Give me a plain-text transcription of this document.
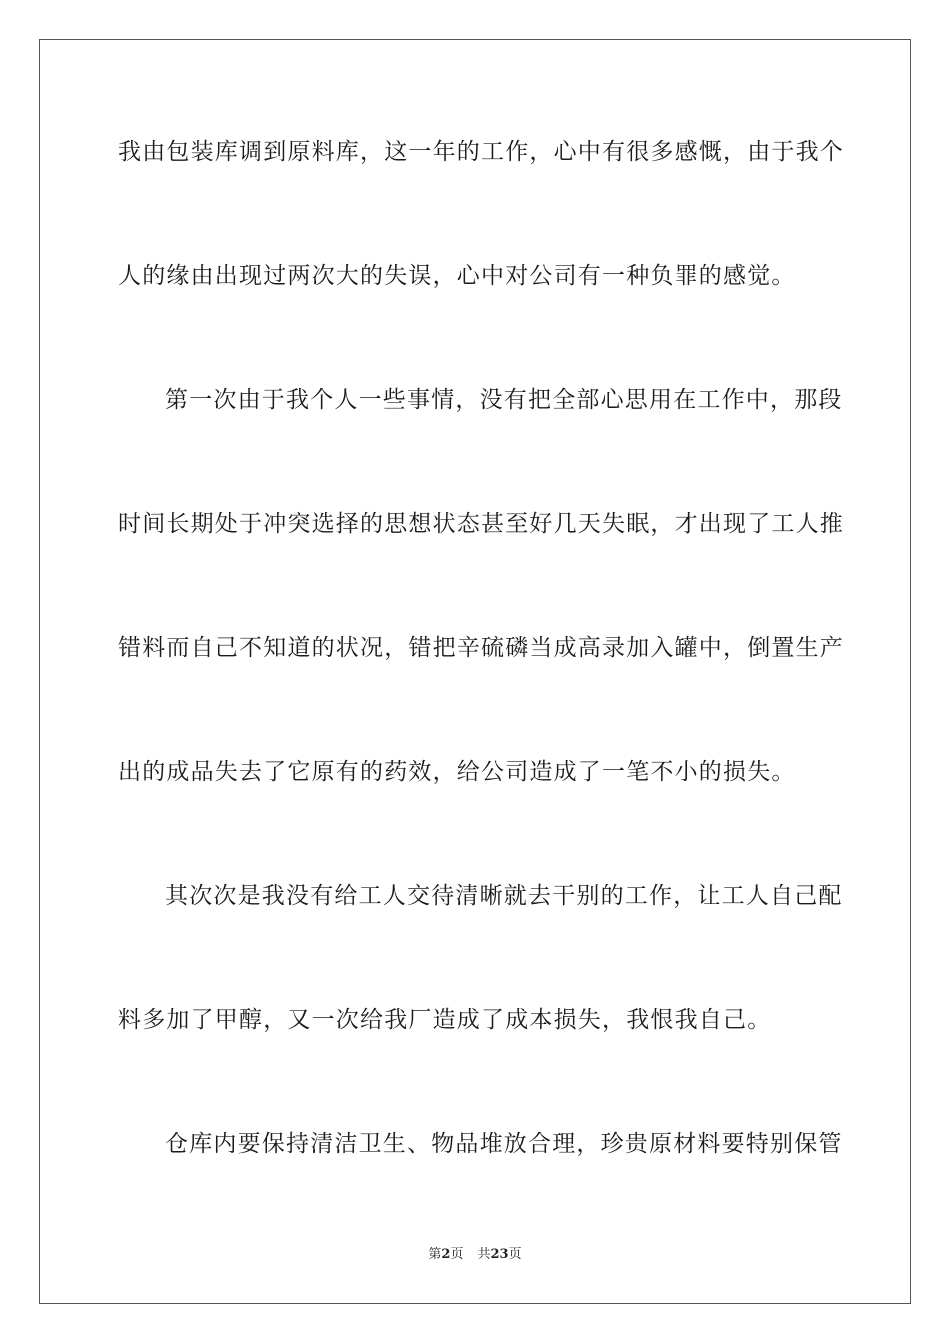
我由包装库调到原料库，这一年的工作，心中有很多感慨，由于我个
人的缘由出现过两次大的失误，心中对公司有一种负罪的感觉。
第一次由于我个人一些事情，没有把全部心思用在工作中，那段
时间长期处于冲突选择的思想状态甚至好几天失眠，才出现了工人推
错料而自己不知道的状况，错把辛硫磷当成高录加入罐中，倒置生产
出的成品失去了它原有的药效，给公司造成了一笔不小的损失。
其次次是我没有给工人交待清晰就去干别的工作，让工人自己配
料多加了甲醇，又一次给我厂造成了成本损失，我恨我自己。
仓库内要保持清洁卫生、物品堆放合理，珍贵原材料要特别保管
第2页 共23页
